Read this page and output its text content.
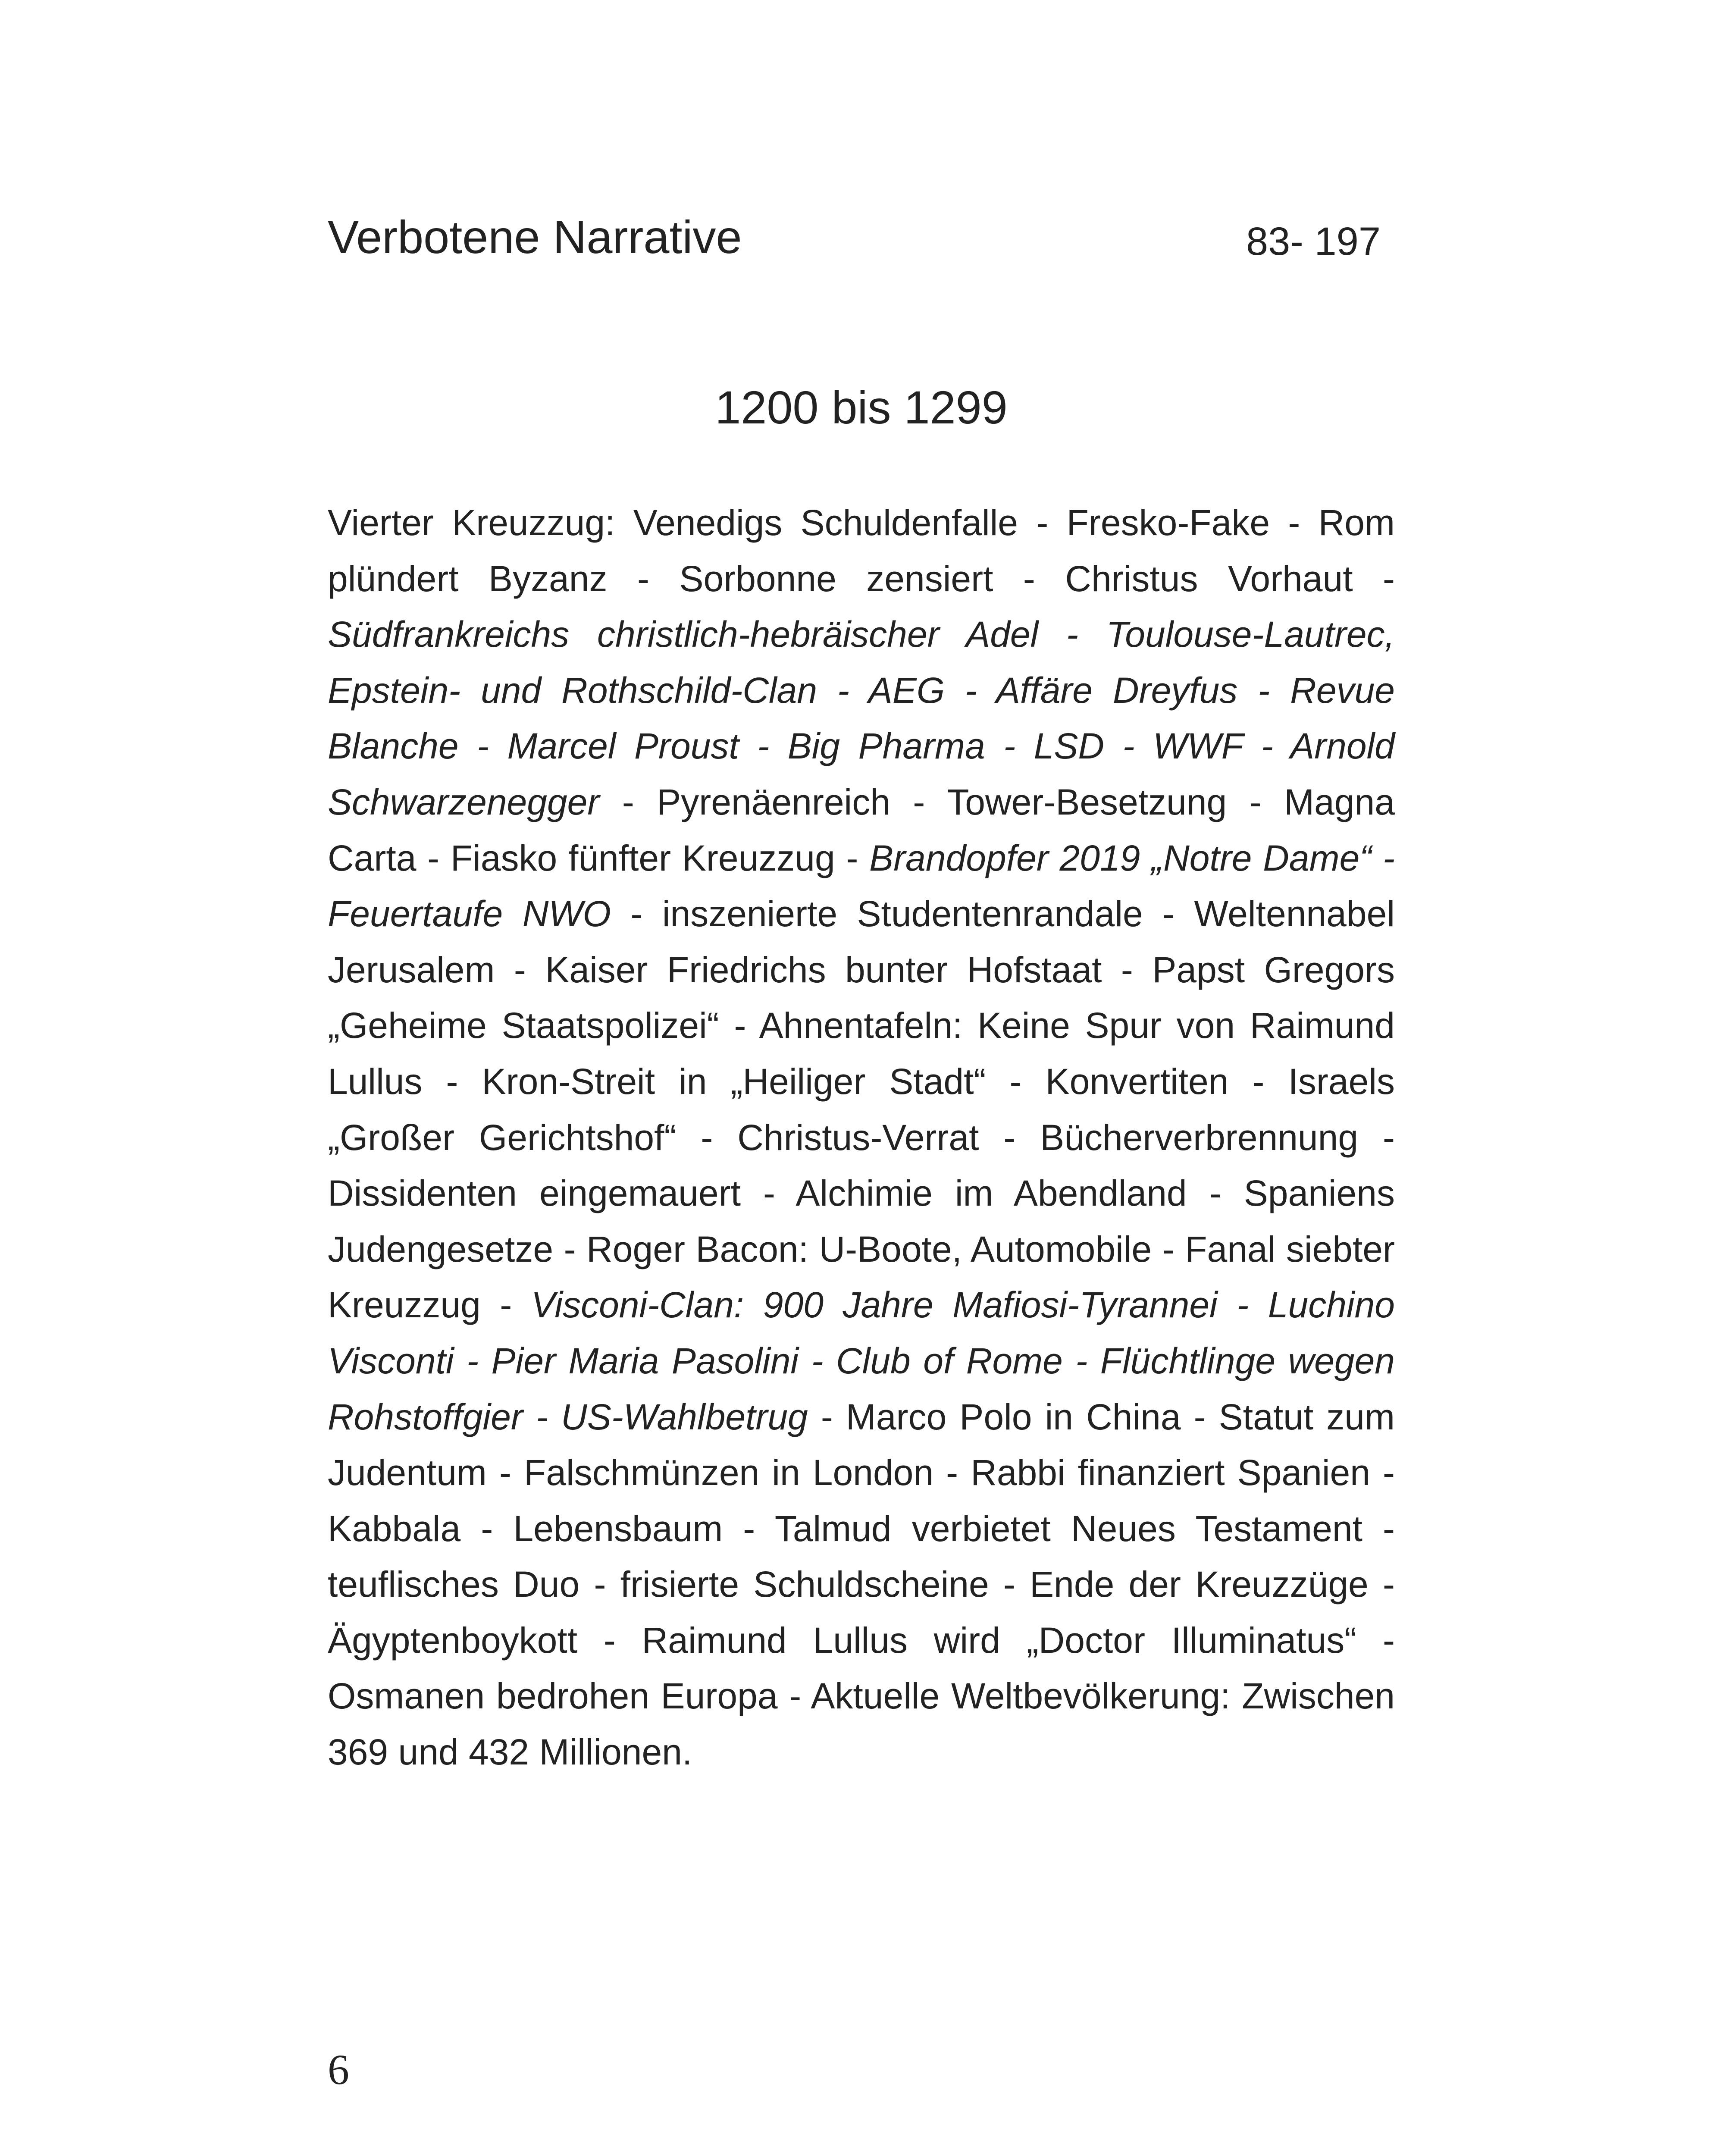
Verbotene Narrative	83- 197
1200 bis 1299

Vierter Kreuzzug: Venedigs Schuldenfalle - Fresko-Fake - Rom plündert Byzanz - Sorbonne zensiert - Christus Vorhaut - Südfrankreichs christlich-hebräischer Adel - Toulouse-Lautrec, Epstein- und Rothschild-Clan - AEG - Affäre Dreyfus - Revue Blanche - Marcel Proust - Big Pharma - LSD - WWF - Arnold Schwarzenegger - Pyrenäenreich - Tower-Besetzung - Magna Carta - Fiasko fünfter Kreuzzug - Brandopfer 2019 „Notre Dame“ - Feuertaufe NWO - inszenierte Studentenrandale - Weltennabel Jerusalem - Kaiser Friedrichs bunter Hofstaat - Papst Gregors „Geheime Staatspolizei“ - Ahnentafeln: Keine Spur von Raimund Lullus - Kron-Streit in „Heiliger Stadt“ - Konvertiten - Israels „Großer Gerichtshof“ - Christus-Verrat - Bücherverbrennung - Dissidenten eingemauert - Alchimie im Abendland - Spaniens Judengesetze - Roger Bacon: U-Boote, Automobile - Fanal siebter Kreuzzug - Visconi-Clan: 900 Jahre Mafiosi-Tyrannei - Luchino Visconti - Pier Maria Pasolini - Club of Rome - Flüchtlinge wegen Rohstoffgier - US-Wahlbetrug - Marco Polo in China - Statut zum Judentum - Falschmünzen in London - Rabbi finanziert Spanien - Kabbala - Lebensbaum - Talmud verbietet Neues Testament - teuflisches Duo - frisierte Schuldscheine - Ende der Kreuzzüge - Ägyptenboykott - Raimund Lullus wird „Doctor Illuminatus“ - Osmanen bedrohen Europa - Aktuelle Weltbevölkerung: Zwischen 369 und 432 Millionen.

6
